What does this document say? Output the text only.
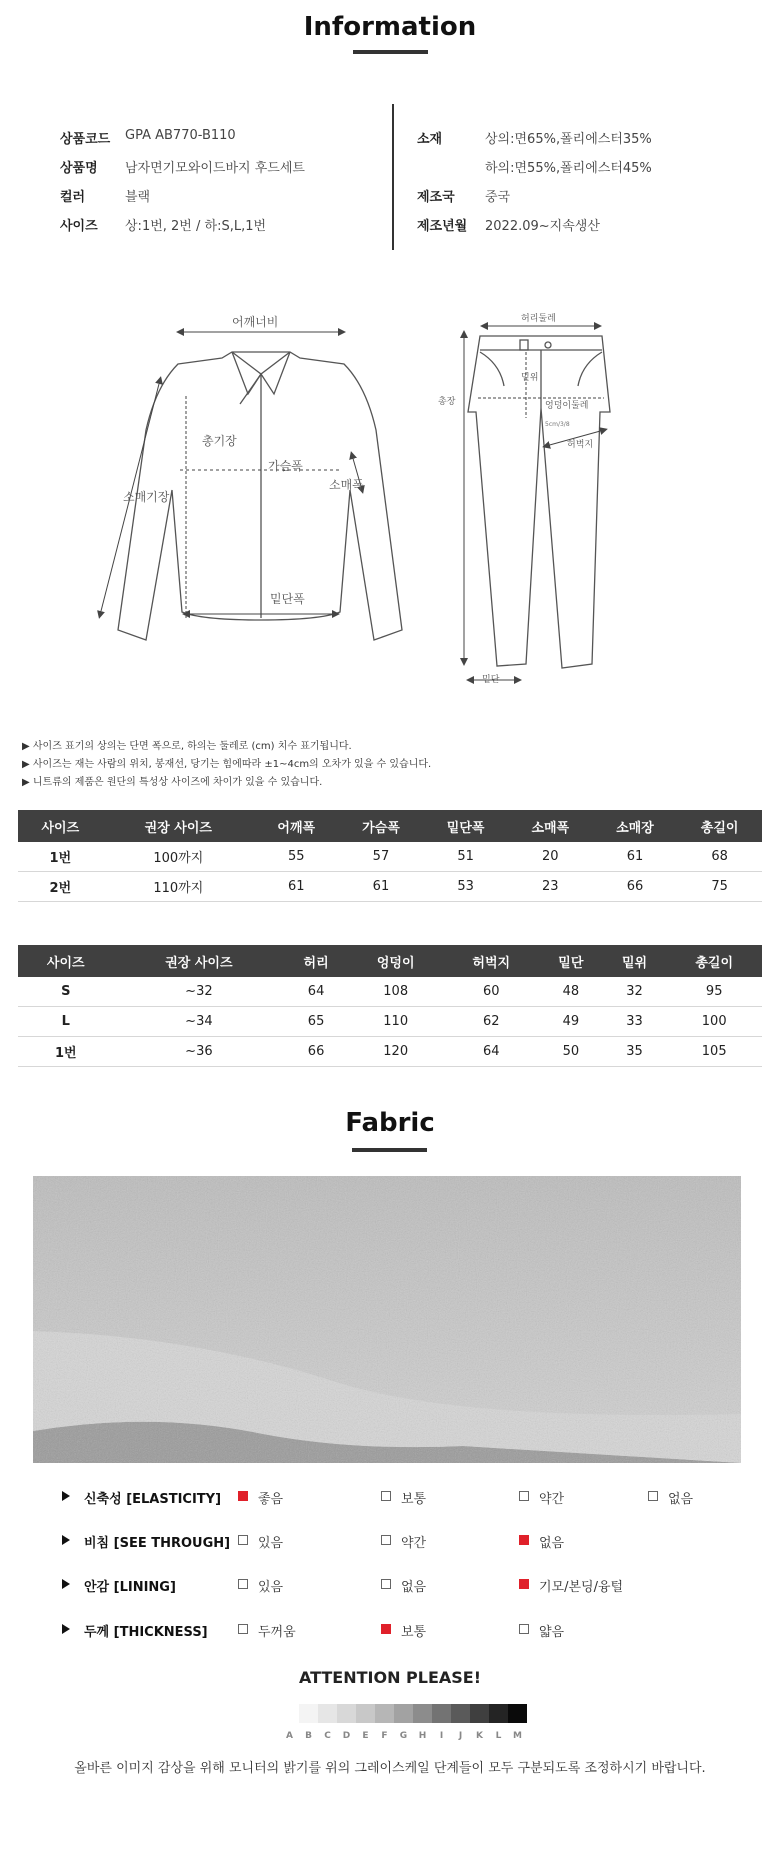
Information
상품코드 GPA AB770-B110
상품명 남자면기모와이드바지 후드세트
컬러	블랙
사이즈 상:1번, 2번 / 하:S,L,1번
소재	상의:면65%,폴리에스터35%
하의:면55%,폴리에스터45%
제조국 중국
제조년월 2022.09~지속생산
어깨너비
총기장
가슴폭
소매폭
소매기장
밑단폭
허리둘레
밑위
엉덩이둘레
5cm/3/8
허벅지
총장
밑단
▶ 사이즈 표기의 상의는 단면 폭으로, 하의는 둘레로 (cm) 치수 표기됩니다.
▶ 사이즈는 재는 사람의 위치, 봉재선, 당기는 힘에따라 ±1~4cm의 오차가 있을 수 있습니다.
▶ 니트류의 제품은 원단의 특성상 사이즈에 차이가 있을 수 있습니다.
사이즈	권장 사이즈	어깨폭	가슴폭	밑단폭	소매폭	소매장	총길이
1번	100까지	55	57	51	20	61	68
2번	110까지	61	61	53	23	66	75
사이즈	권장 사이즈	허리	엉덩이	허벅지	밑단	밑위	총길이
S	~32	64	108	60	48	32	95
L	~34	65	110	62	49	33	100
1번	~36	66	120	64	50	35	105
Fabric
신축성 [ELASTICITY]	좋음	보통	약간	없음
비침 [SEE THROUGH] 있음	약간	없음
안감 [LINING]	있음	없음	기모/본딩/융털
두께 [THICKNESS]	두꺼움	보통	얇음
ATTENTION PLEASE!
A	B	C	D	E	F	G	H	I	J	K	L	M
올바른 이미지 감상을 위해 모니터의 밝기를 위의 그레이스케일 단계들이 모두 구분되도록 조정하시기 바랍니다.
